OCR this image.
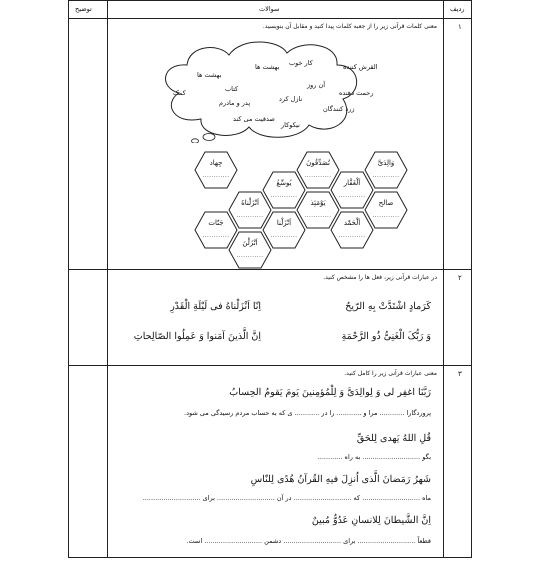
توضیح	سوالات	ردیف
۱
معنی کلمات قرآنی زیر را از جعبه کلمات پیدا کنید و مقابل آن بنویسید.
القرش کننده
کار خوب
بهشت ها
بهشت ها
رحمت دهنده
آن روز
کتاب
نازل کرد
پدر و مادرم
زرد کنندگان
صدقیت می کند
نیکوکار
کمک
وَالِدَیَّ
............
تُصَدِّقُونَ
............
جِهاد
............
اَلْغَفَّار
............
یُوسِّعُ
............
صالح
............
یَوْمَئِذ
............
اَنْزَلْناهُ
............
اَلْحَمْد
............
اَنْزَلْنا
............
جَنّات
............
اَنْزَلْنَ
............
۲
در عبارات قرآنی زیر، فعل ها را مشخص کنید.
اِنّا اَنْزَلْناهُ فی لَیْلَةِ الْقَدْرِ	کَرَمادٍ اشْتَدَّتْ بِهِ الرّیحُ
اِنَّ الَّذینَ آمَنوا وَ عَمِلُوا الصّالِحاتِ	وَ رَبُّکَ الْغَنِیُّ ذُو الرَّحْمَةِ
۳
معنی عبارات قرآنی زیر را کامل کنید.
رَبَّنَا اغفِر لی وَ لِوالِدَیَّ وَ لِلْمُؤمِنینَ یَومَ یَقومُ الحِسابُ
پروردگارا ............ مرا و ............ را در ............ ی که به حساب مردم رسیدگی می شود.
قُلِ اللهُ یَهدی لِلحَقِّ
بگو ............................ به راه ............
شَهرُ رَمَضانَ الَّذی اُنزِلَ فیهِ القُرآنُ هُدًی لِلنّاسِ
ماه ............................ که ............................ در آن ............................ برای ............................
اِنَّ الشَّیطانَ لِلانسانِ عَدُوٌّ مُبینٌ
قطعاً ............................ برای ............................ دشمن ............................ است.
